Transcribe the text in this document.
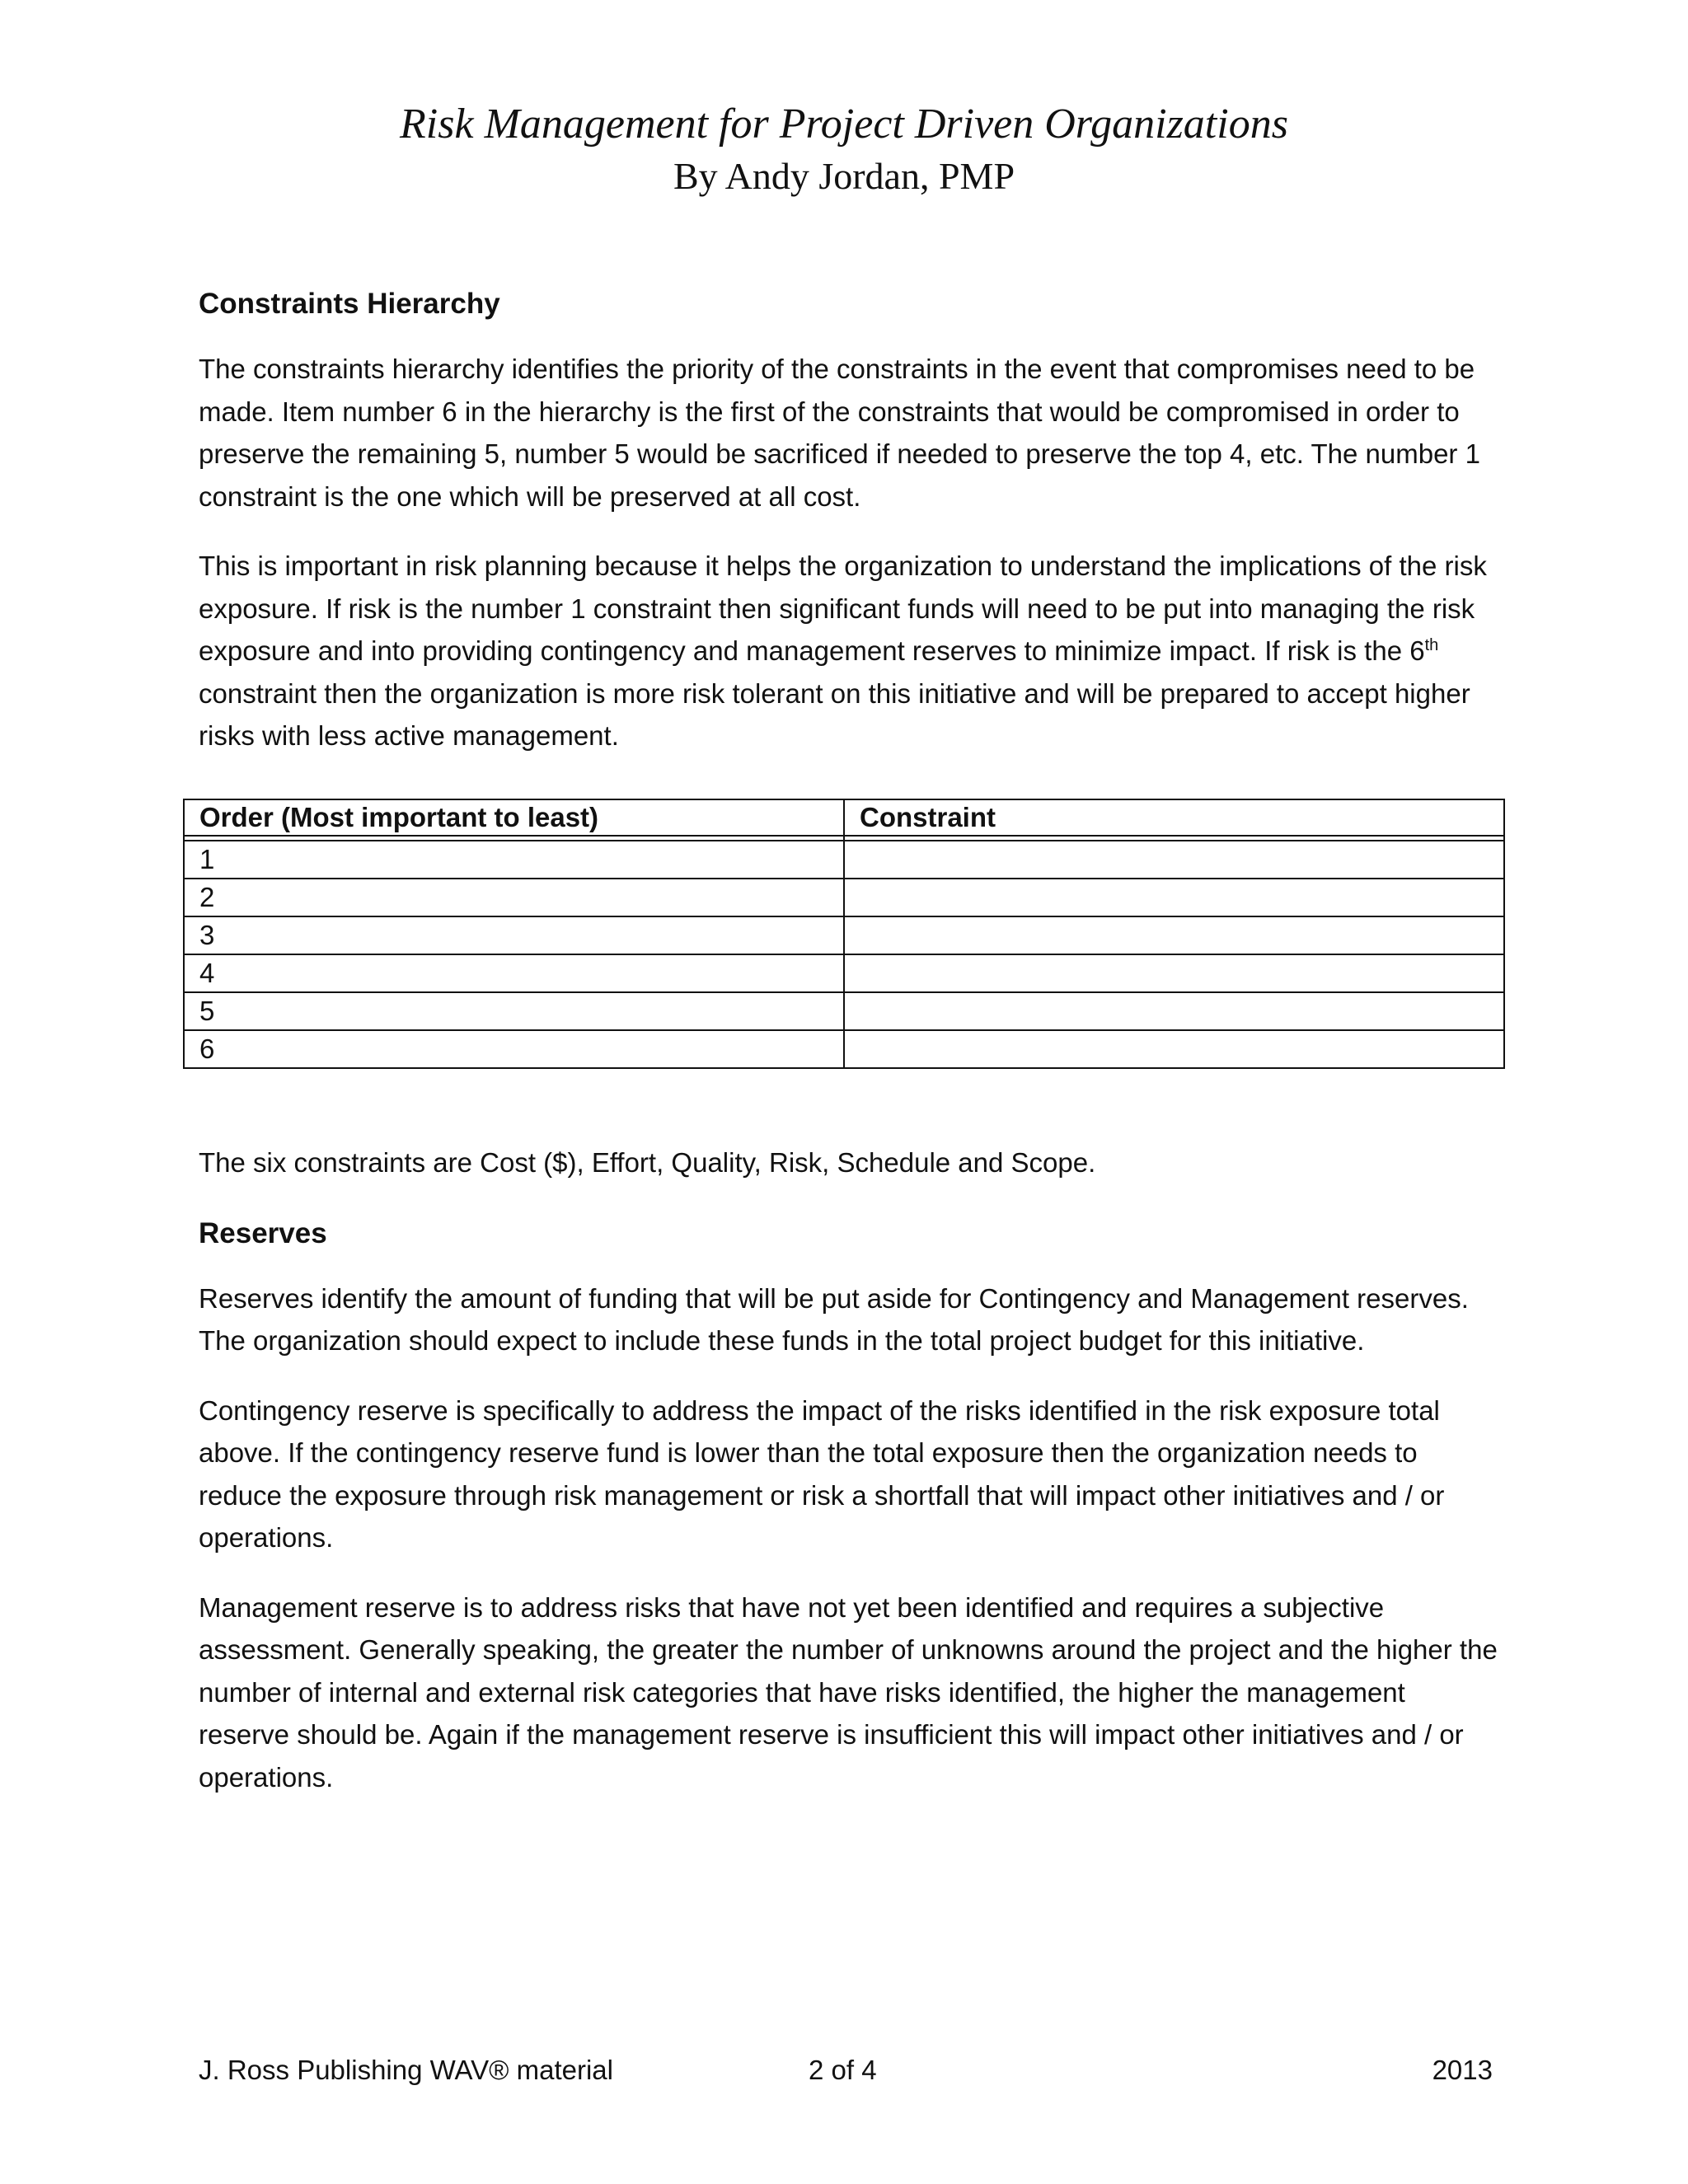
Risk Management for Project Driven Organizations
By Andy Jordan, PMP
Constraints Hierarchy

The constraints hierarchy identifies the priority of the constraints in the event that compromises need to be made. Item number 6 in the hierarchy is the first of the constraints that would be compromised in order to preserve the remaining 5, number 5 would be sacrificed if needed to preserve the top 4, etc. The number 1 constraint is the one which will be preserved at all cost.

This is important in risk planning because it helps the organization to understand the implications of the risk exposure. If risk is the number 1 constraint then significant funds will need to be put into managing the risk exposure and into providing contingency and management reserves to minimize impact. If risk is the 6th constraint then the organization is more risk tolerant on this initiative and will be prepared to accept higher risks with less active management.

Order (Most important to least)	Constraint

1	
2	
3	
4	
5	
6	

The six constraints are Cost ($), Effort, Quality, Risk, Schedule and Scope.

Reserves

Reserves identify the amount of funding that will be put aside for Contingency and Management reserves. The organization should expect to include these funds in the total project budget for this initiative.

Contingency reserve is specifically to address the impact of the risks identified in the risk exposure total above. If the contingency reserve fund is lower than the total exposure then the organization needs to reduce the exposure through risk management or risk a shortfall that will impact other initiatives and / or operations.

Management reserve is to address risks that have not yet been identified and requires a subjective assessment. Generally speaking, the greater the number of unknowns around the project and the higher the number of internal and external risk categories that have risks identified, the higher the management reserve should be. Again if the management reserve is insufficient this will impact other initiatives and / or operations.

J. Ross Publishing WAV® material	2 of 4	2013
